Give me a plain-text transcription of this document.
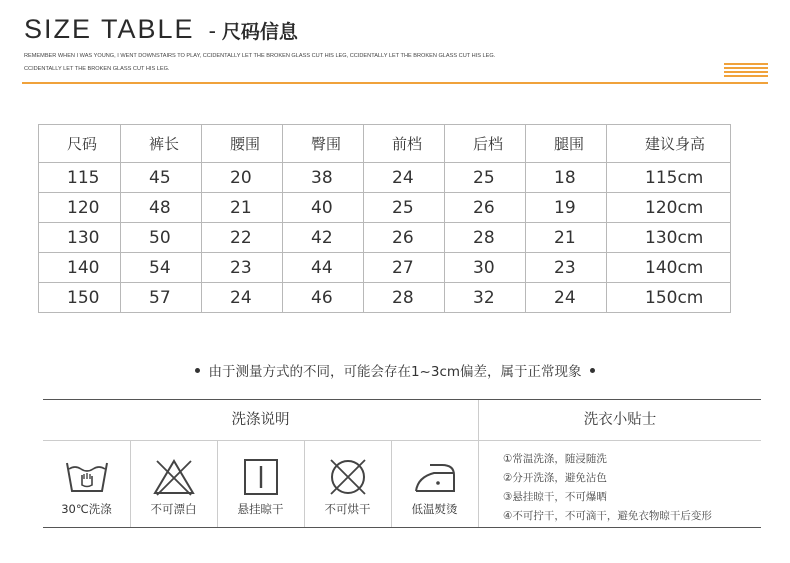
SIZE TABLE - 尺码信息
REMEMBER WHEN I WAS YOUNG, I WENT DOWNSTAIRS TO PLAY, CCIDENTALLY LET THE BROKEN GLASS CUT HIS LEG, CCIDENTALLY LET THE BROKEN GLASS CUT HIS LEG.
CCIDENTALLY LET THE BROKEN GLASS CUT HIS LEG.
尺码	裤长	腰围	臀围	前档	后档	腿围	建议身高
115	45	20	38	24	25	18	115cm
120	48	21	40	25	26	19	120cm
130	50	22	42	26	28	21	130cm
140	54	23	44	27	30	23	140cm
150	57	24	46	28	32	24	150cm
由于测量方式的不同，可能会存在1~3cm偏差，属于正常现象
洗涤说明	洗衣小贴士
30℃洗涤	不可漂白	悬挂晾干	不可烘干	低温熨烫
①常温洗涤，随浸随洗
②分开洗涤，避免沾色
③悬挂晾干，不可爆晒
④不可拧干，不可滴干，避免衣物晾干后变形
